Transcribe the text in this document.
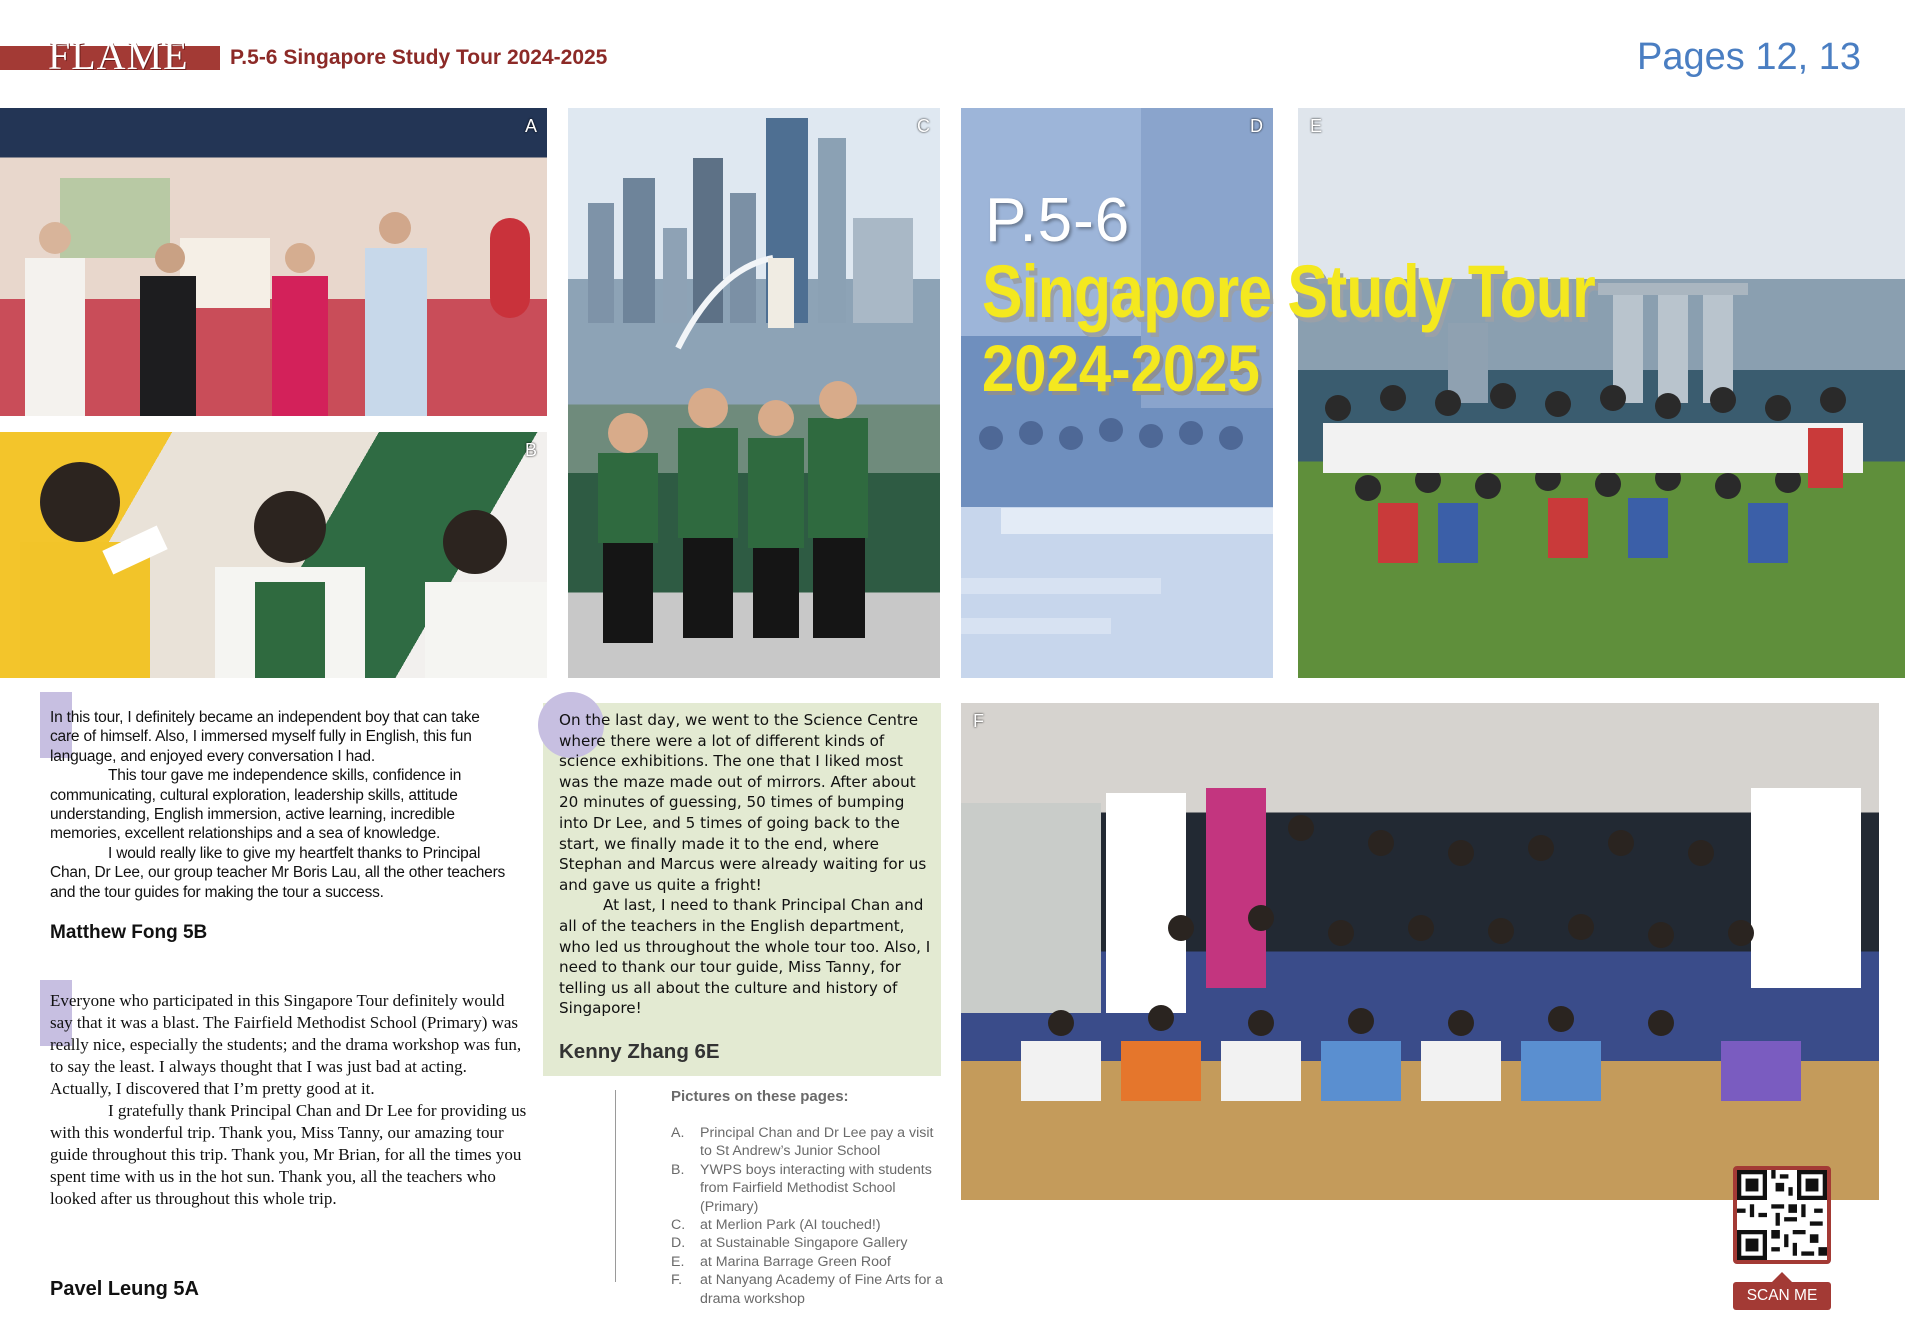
FLAME P.5-6 Singapore Study Tour 2024-2025	Pages 12, 13
A
B
C	D	E
F
P.5-6
Singapore Study Tour
2024-2025

In this tour, I definitely became an independent boy that can take care of himself. Also, I immersed myself fully in English, this fun language, and enjoyed every conversation I had.

This tour gave me independence skills, confidence in communicating, cultural exploration, leadership skills, attitude understanding, English immersion, active learning, incredible memories, excellent relationships and a sea of knowledge.

I would really like to give my heartfelt thanks to Principal Chan, Dr Lee, our group teacher Mr Boris Lau, all the other teachers and the tour guides for making the tour a success.

Matthew Fong 5B

Everyone who participated in this Singapore Tour definitely would say that it was a blast. The Fairfield Methodist School (Primary) was really nice, especially the students; and the drama workshop was fun, to say the least. I always thought that I was just bad at acting. Actually, I discovered that I’m pretty good at it.

I gratefully thank Principal Chan and Dr Lee for providing us with this wonderful trip. Thank you, Miss Tanny, our amazing tour guide throughout this trip. Thank you, Mr Brian, for all the times you spent time with us in the hot sun. Thank you, all the teachers who looked after us throughout this whole trip.

Pavel Leung 5A

On the last day, we went to the Science Centre where there were a lot of different kinds of science exhibitions. The one that I liked most was the maze made out of mirrors. After about 20 minutes of guessing, 50 times of bumping into Dr Lee, and 5 times of going back to the start, we finally made it to the end, where Stephan and Marcus were already waiting for us and gave us quite a fright!

At last, I need to thank Principal Chan and all of the teachers in the English department, who led us throughout the whole tour too. Also, I need to thank our tour guide, Miss Tanny, for telling us all about the culture and history of Singapore!

Kenny Zhang 6E
Pictures on these pages:
A. Principal Chan and Dr Lee pay a visit to St Andrew’s Junior School
B. YWPS boys interacting with students from Fairfield Methodist School (Primary)
C. at Merlion Park (AI touched!)
D. at Sustainable Singapore Gallery
E. at Marina Barrage Green Roof
F. at Nanyang Academy of Fine Arts for a drama workshop	SCAN ME
